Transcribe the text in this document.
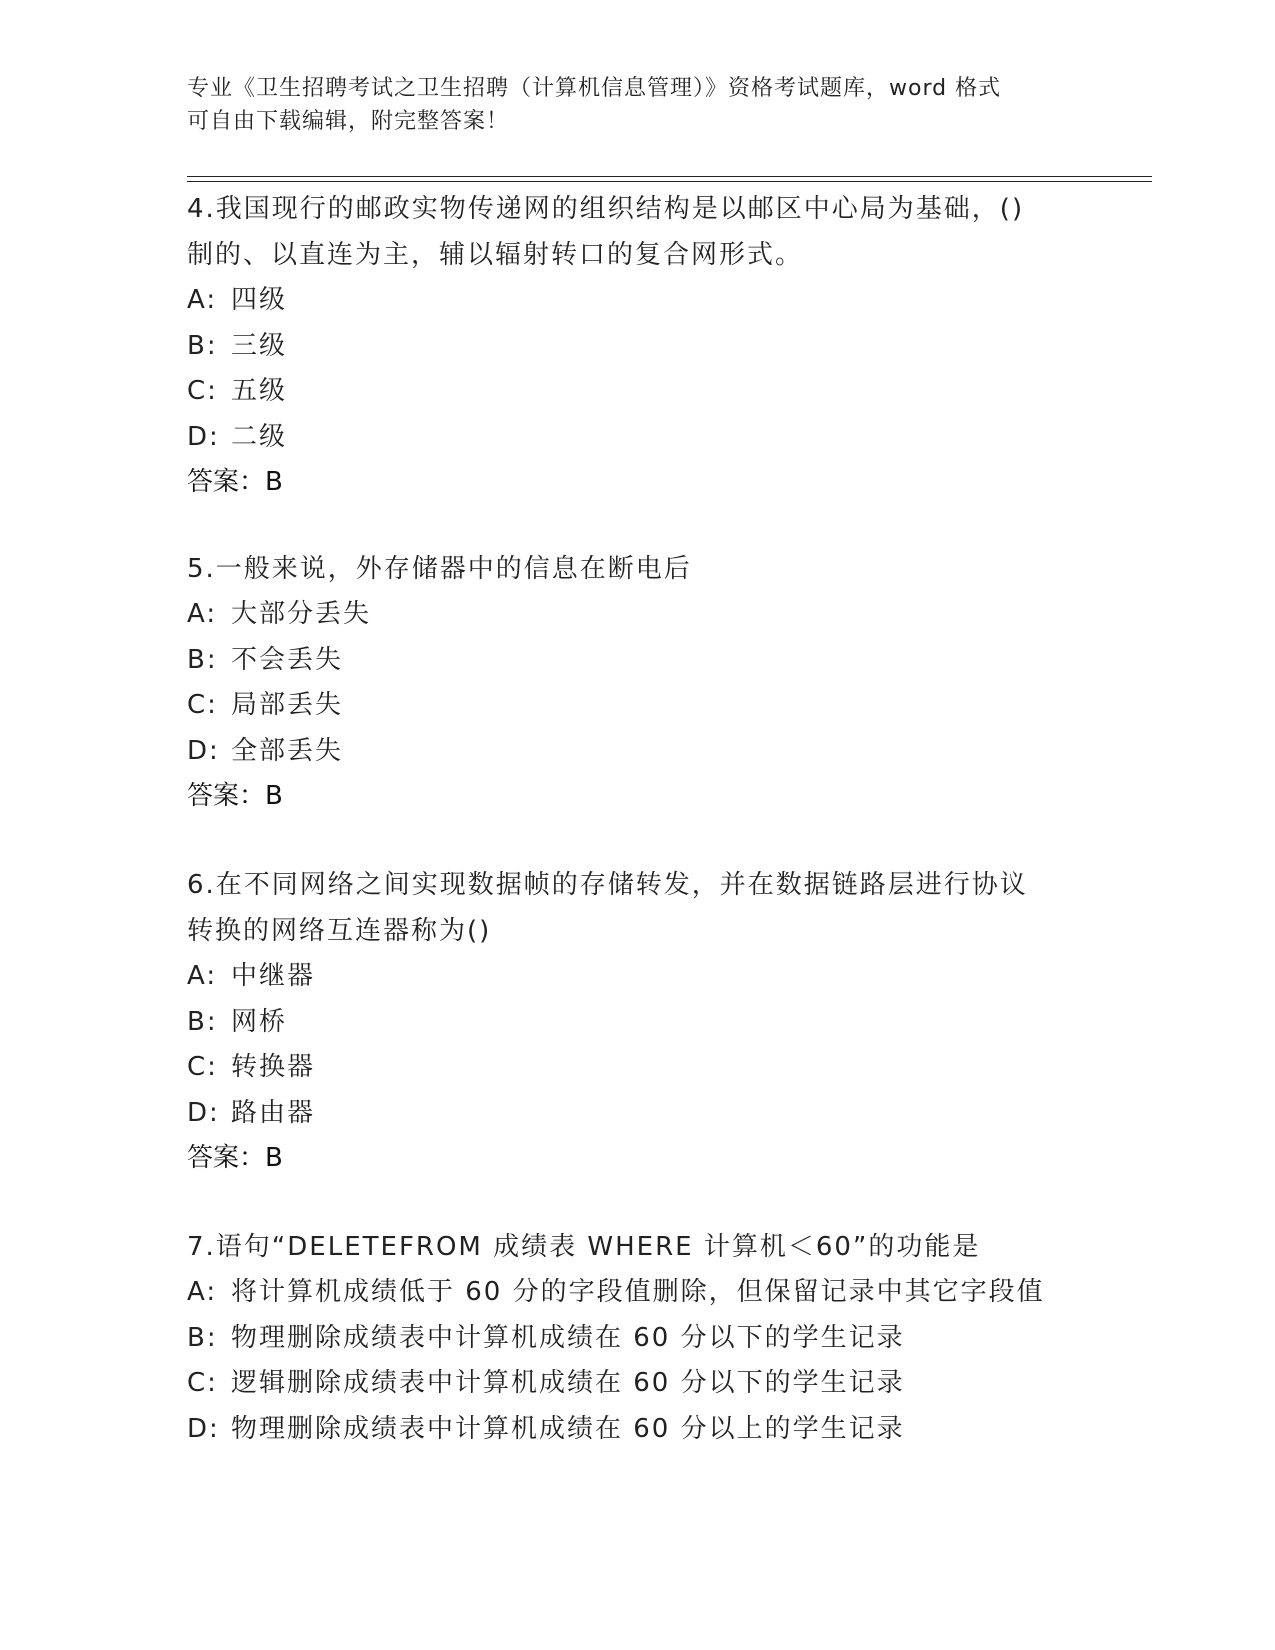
专业《卫生招聘考试之卫生招聘（计算机信息管理）》资格考试题库，word 格式
可自由下载编辑，附完整答案！
4.我国现行的邮政实物传递网的组织结构是以邮区中心局为基础，()
制的、以直连为主，辅以辐射转口的复合网形式。
A: 四级
B: 三级
C: 五级
D: 二级
答案：B
5.一般来说，外存储器中的信息在断电后
A: 大部分丢失
B: 不会丢失
C: 局部丢失
D: 全部丢失
答案：B
6.在不同网络之间实现数据帧的存储转发，并在数据链路层进行协议
转换的网络互连器称为()
A: 中继器
B: 网桥
C: 转换器
D: 路由器
答案：B
7.语句“DELETEFROM 成绩表 WHERE 计算机＜60”的功能是
A: 将计算机成绩低于 60 分的字段值删除，但保留记录中其它字段值
B: 物理删除成绩表中计算机成绩在 60 分以下的学生记录
C: 逻辑删除成绩表中计算机成绩在 60 分以下的学生记录
D: 物理删除成绩表中计算机成绩在 60 分以上的学生记录
